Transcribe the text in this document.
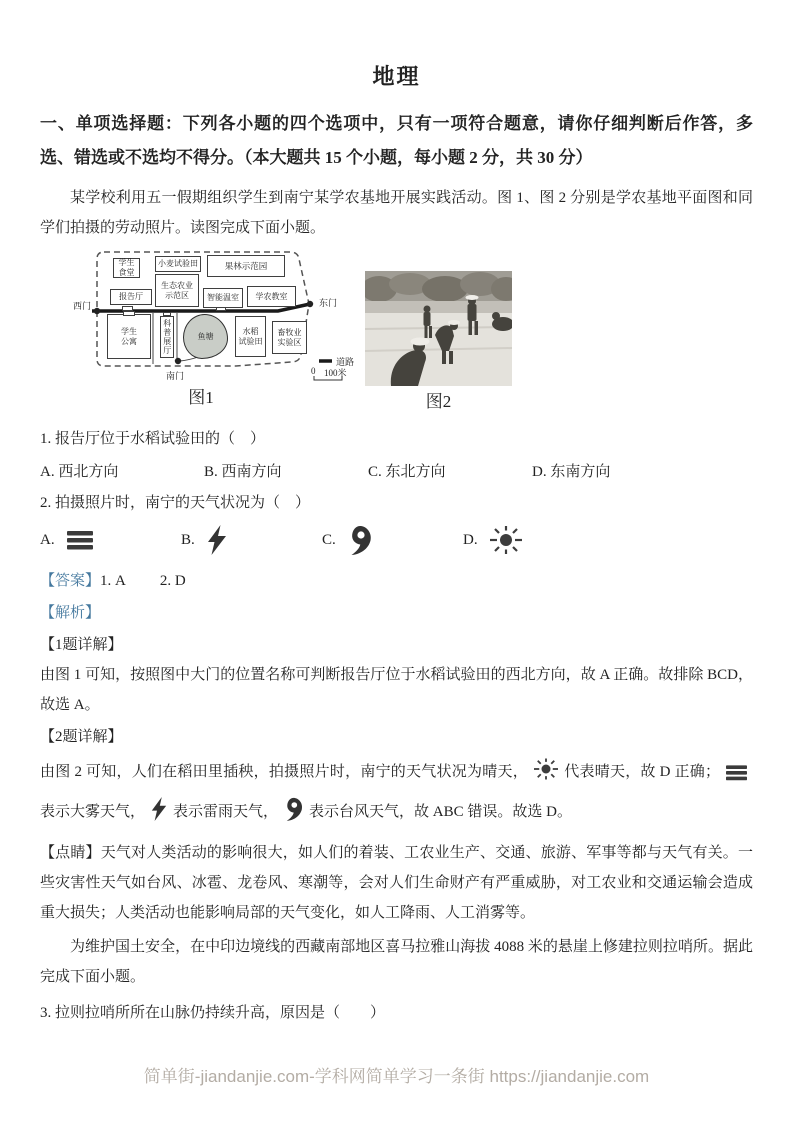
地理

一、单项选择题：下列各小题的四个选项中，只有一项符合题意，请你仔细判断后作答，多选、错选或不选均不得分。（本大题共 15 个小题，每小题 2 分，共 30 分）

某学校利用五一假期组织学生到南宁某学农基地开展实践活动。图 1、图 2 分别是学农基地平面图和同学们拍摄的劳动照片。读图完成下面小题。

学生
食堂
小麦试验田	果林示范园
报告厅
生态农业
示范区 智能温室 学农教室
学生
公寓	科普展厅	鱼塘
水稻
试验田
畜牧业
实验区
西门	东门
南门
道路
0 100米
图1	图2

1. 报告厅位于水稻试验田的（　）

A. 西北方向	B. 西南方向	C. 东北方向	D. 东南方向

2. 拍摄照片时，南宁的天气状况为（　）

A.	B.	C.	D.

【答案】1. A 2. D

【解析】

【1题详解】

由图 1 可知，按照图中大门的位置名称可判断报告厅位于水稻试验田的西北方向，故 A 正确。故排除 BCD，故选 A。

【2题详解】

由图 2 可知，人们在稻田里插秧，拍摄照片时，南宁的天气状况为晴天， 代表晴天，故 D 正确；表示大雾天气， 表示雷雨天气， 表示台风天气，故 ABC 错误。故选 D。

【点睛】天气对人类活动的影响很大，如人们的着装、工农业生产、交通、旅游、军事等都与天气有关。一些灾害性天气如台风、冰雹、龙卷风、寒潮等，会对人们生命财产有严重威胁，对工农业和交通运输会造成重大损失；人类活动也能影响局部的天气变化，如人工降雨、人工消雾等。

为维护国土安全，在中印边境线的西藏南部地区喜马拉雅山海拔 4088 米的悬崖上修建拉则拉哨所。据此完成下面小题。

3. 拉则拉哨所所在山脉仍持续升高，原因是（　　）

简单街-jiandanjie.com-学科网简单学习一条街 https://jiandanjie.com
